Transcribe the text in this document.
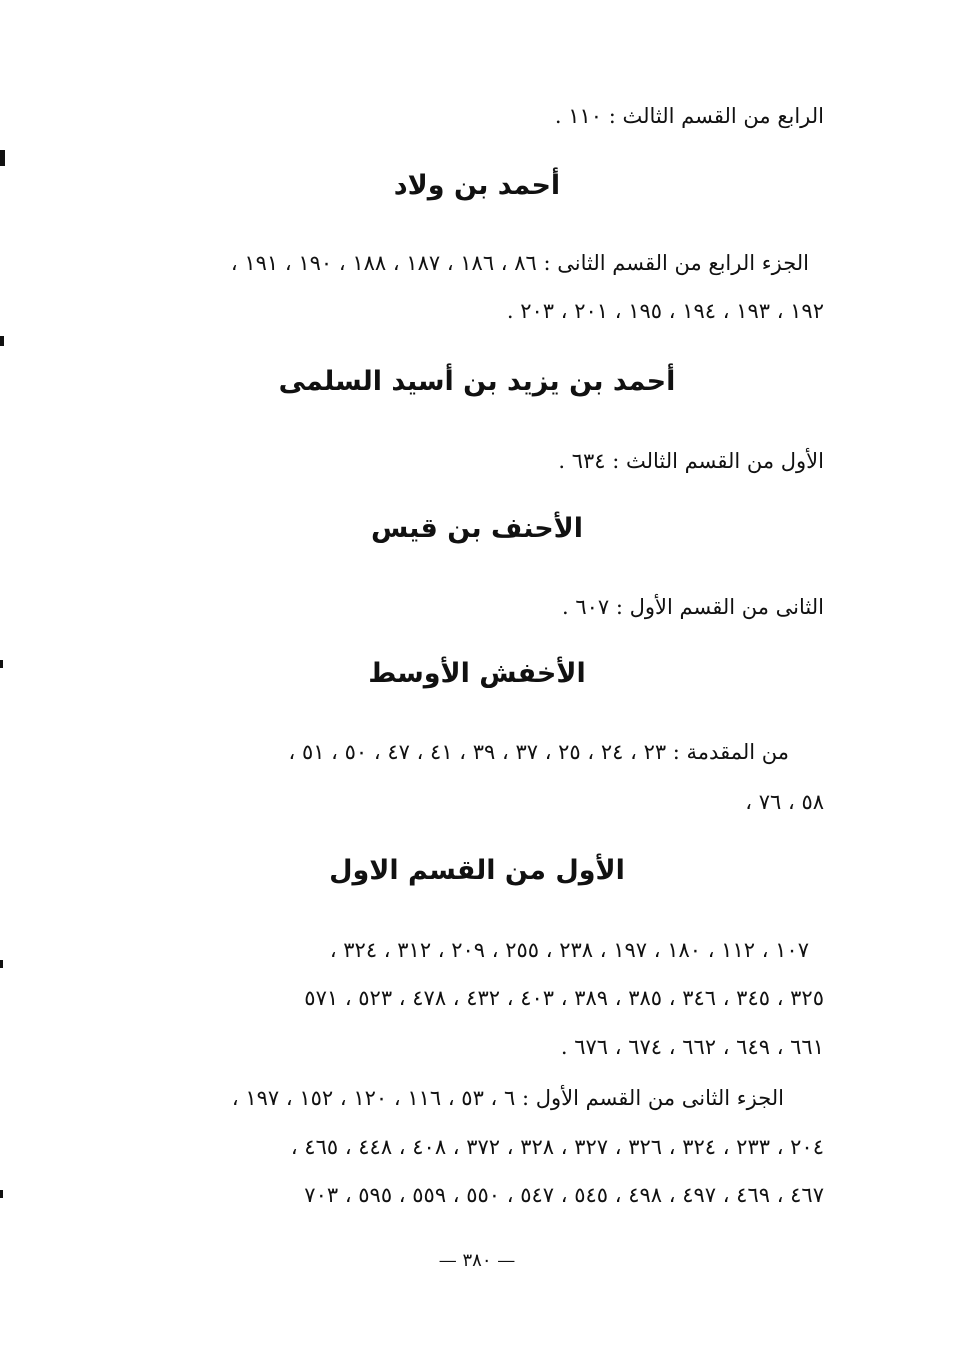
الرابع من القسم الثالث : ١١٠ .

أحمد بن ولاد

الجزء الرابع من القسم الثانى : ٨٦ ، ١٨٦ ، ١٨٧ ، ١٨٨ ، ١٩٠ ، ١٩١ ،

١٩٢ ، ١٩٣ ، ١٩٤ ، ١٩٥ ، ٢٠١ ، ٢٠٣ .

أحمد بن يزيد بن أسيد السلمى

الأول من القسم الثالث : ٦٣٤ .

الأحنف بن قيس

الثانى من القسم الأول : ٦٠٧ .

الأخفش الأوسط

من المقدمة : ٢٣ ، ٢٤ ، ٢٥ ، ٣٧ ، ٣٩ ، ٤١ ، ٤٧ ، ٥٠ ، ٥١ ،

٥٨ ، ٧٦ ،

الأول من القسم الاول

١٠٧ ، ١١٢ ، ١٨٠ ، ١٩٧ ، ٢٣٨ ، ٢٥٥ ، ٢٠٩ ، ٣١٢ ، ٣٢٤ ،

٣٢٥ ، ٣٤٥ ، ٣٤٦ ، ٣٨٥ ، ٣٨٩ ، ٤٠٣ ، ٤٣٢ ، ٤٧٨ ، ٥٢٣ ، ٥٧١

٦٦١ ، ٦٤٩ ، ٦٦٢ ، ٦٧٤ ، ٦٧٦ .

الجزء الثانى من القسم الأول : ٦ ، ٥٣ ، ١١٦ ، ١٢٠ ، ١٥٢ ، ١٩٧ ،

٢٠٤ ، ٢٣٣ ، ٣٢٤ ، ٣٢٦ ، ٣٢٧ ، ٣٢٨ ، ٣٧٢ ، ٤٠٨ ، ٤٤٨ ، ٤٦٥ ،

٤٦٧ ، ٤٦٩ ، ٤٩٧ ، ٤٩٨ ، ٥٤٥ ، ٥٤٧ ، ٥٥٠ ، ٥٥٩ ، ٥٩٥ ، ٧٠٣

— ٣٨٠ —
